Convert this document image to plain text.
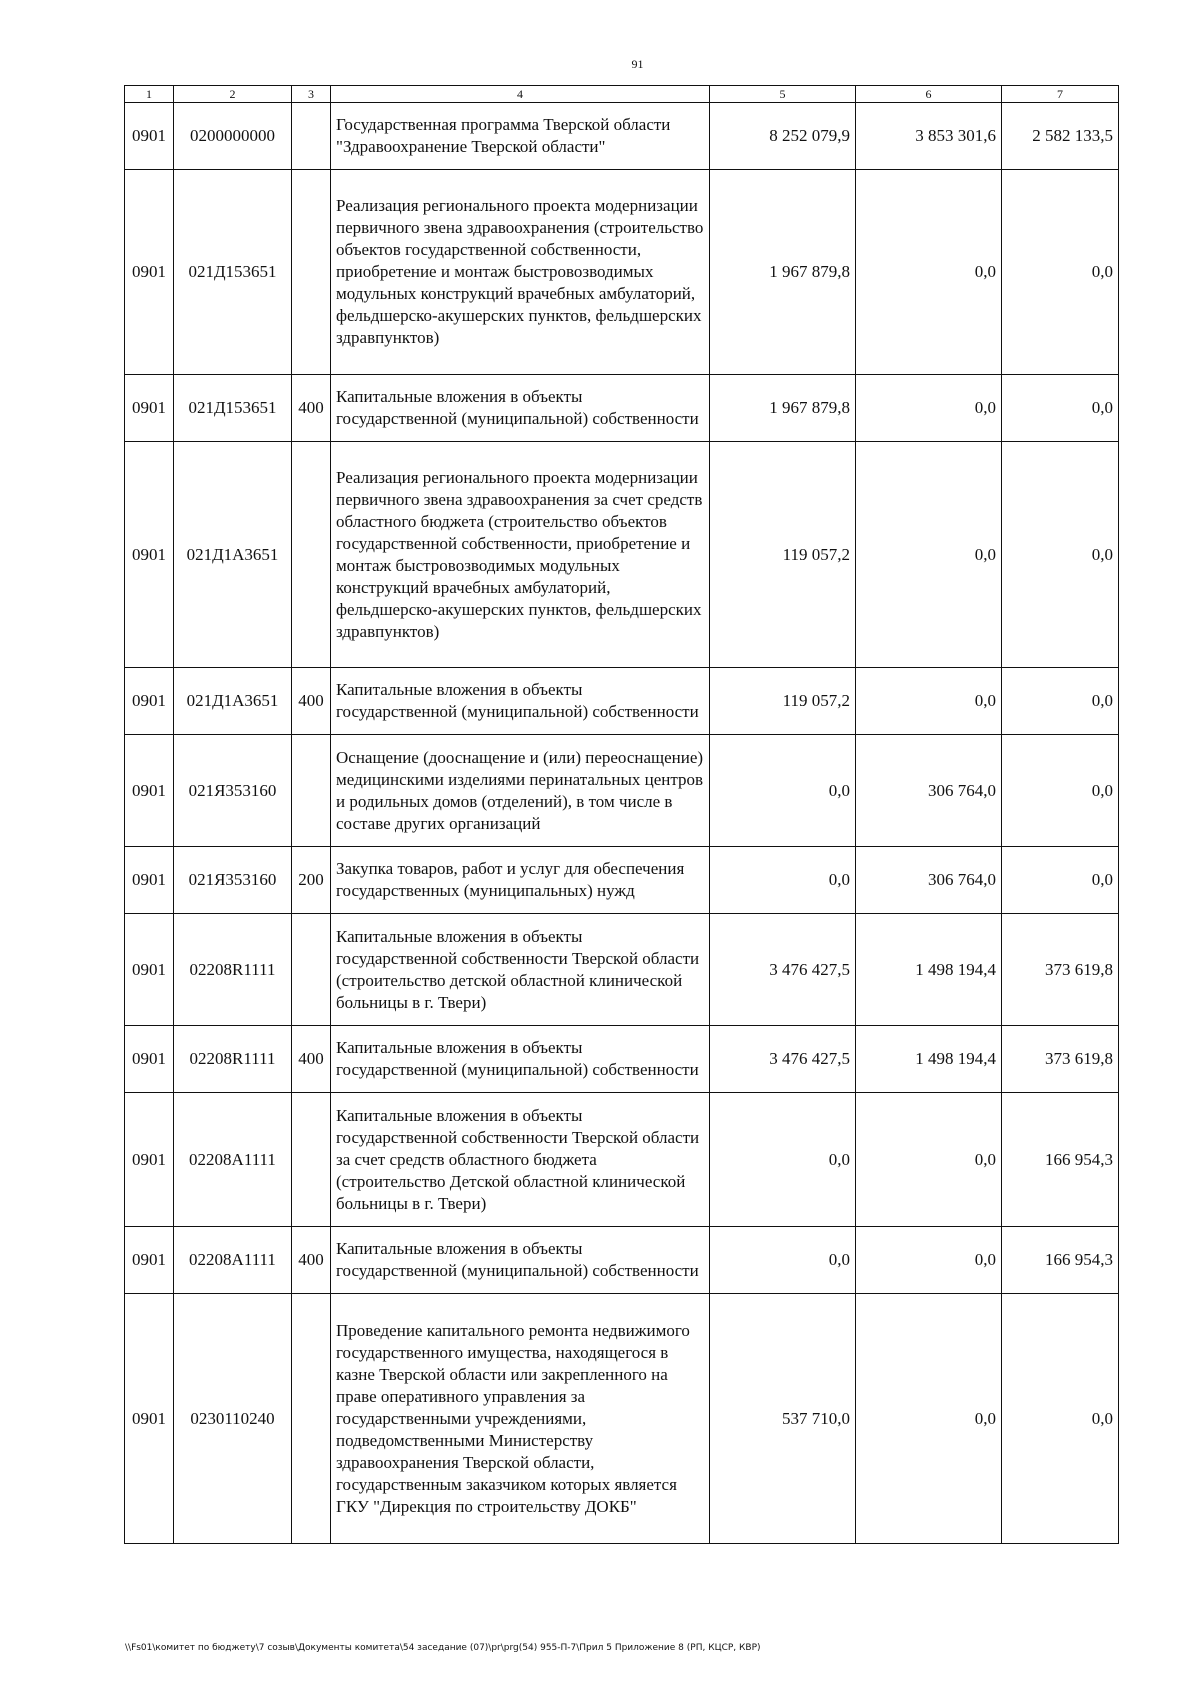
91
1	2	3	4	5	6	7
0901	0200000000		Государственная программа Тверской области "Здравоохранение Тверской области"	8 252 079,9	3 853 301,6	2 582 133,5
0901	021Д153651		Реализация регионального проекта модернизации первичного звена здравоохранения (строительство объектов государственной собственности, приобретение и монтаж быстровозводимых модульных конструкций врачебных амбулаторий, фельдшерско-акушерских пунктов, фельдшерских здравпунктов)	1 967 879,8	0,0	0,0
0901	021Д153651	400	Капитальные вложения в объекты государственной (муниципальной) собственности	1 967 879,8	0,0	0,0
0901	021Д1А3651		Реализация регионального проекта модернизации первичного звена здравоохранения за счет средств областного бюджета (строительство объектов государственной собственности, приобретение и монтаж быстровозводимых модульных конструкций врачебных амбулаторий, фельдшерско-акушерских пунктов, фельдшерских здравпунктов)	119 057,2	0,0	0,0
0901	021Д1А3651	400	Капитальные вложения в объекты государственной (муниципальной) собственности	119 057,2	0,0	0,0
0901	021Я353160		Оснащение (дооснащение и (или) переоснащение) медицинскими изделиями перинатальных центров и родильных домов (отделений), в том числе в составе других организаций	0,0	306 764,0	0,0
0901	021Я353160	200	Закупка товаров, работ и услуг для обеспечения государственных (муниципальных) нужд	0,0	306 764,0	0,0
0901	02208R1111		Капитальные вложения в объекты государственной собственности Тверской области (строительство детской областной клинической больницы в г. Твери)	3 476 427,5	1 498 194,4	373 619,8
0901	02208R1111	400	Капитальные вложения в объекты государственной (муниципальной) собственности	3 476 427,5	1 498 194,4	373 619,8
0901	02208A1111		Капитальные вложения в объекты государственной собственности Тверской области за счет средств областного бюджета (строительство Детской областной клинической больницы в г. Твери)	0,0	0,0	166 954,3
0901	02208A1111	400	Капитальные вложения в объекты государственной (муниципальной) собственности	0,0	0,0	166 954,3
0901	0230110240		Проведение капитального ремонта недвижимого государственного имущества, находящегося в казне Тверской области или закрепленного на праве оперативного управления за государственными учреждениями, подведомственными Министерству здравоохранения Тверской области, государственным заказчиком которых является ГКУ "Дирекция по строительству ДОКБ"	537 710,0	0,0	0,0
\\Fs01\комитет по бюджету\7 созыв\Документы комитета\54 заседание (07)\pr\prg(54) 955-П-7\Прил 5 Приложение 8 (РП, КЦСР, КВР)
